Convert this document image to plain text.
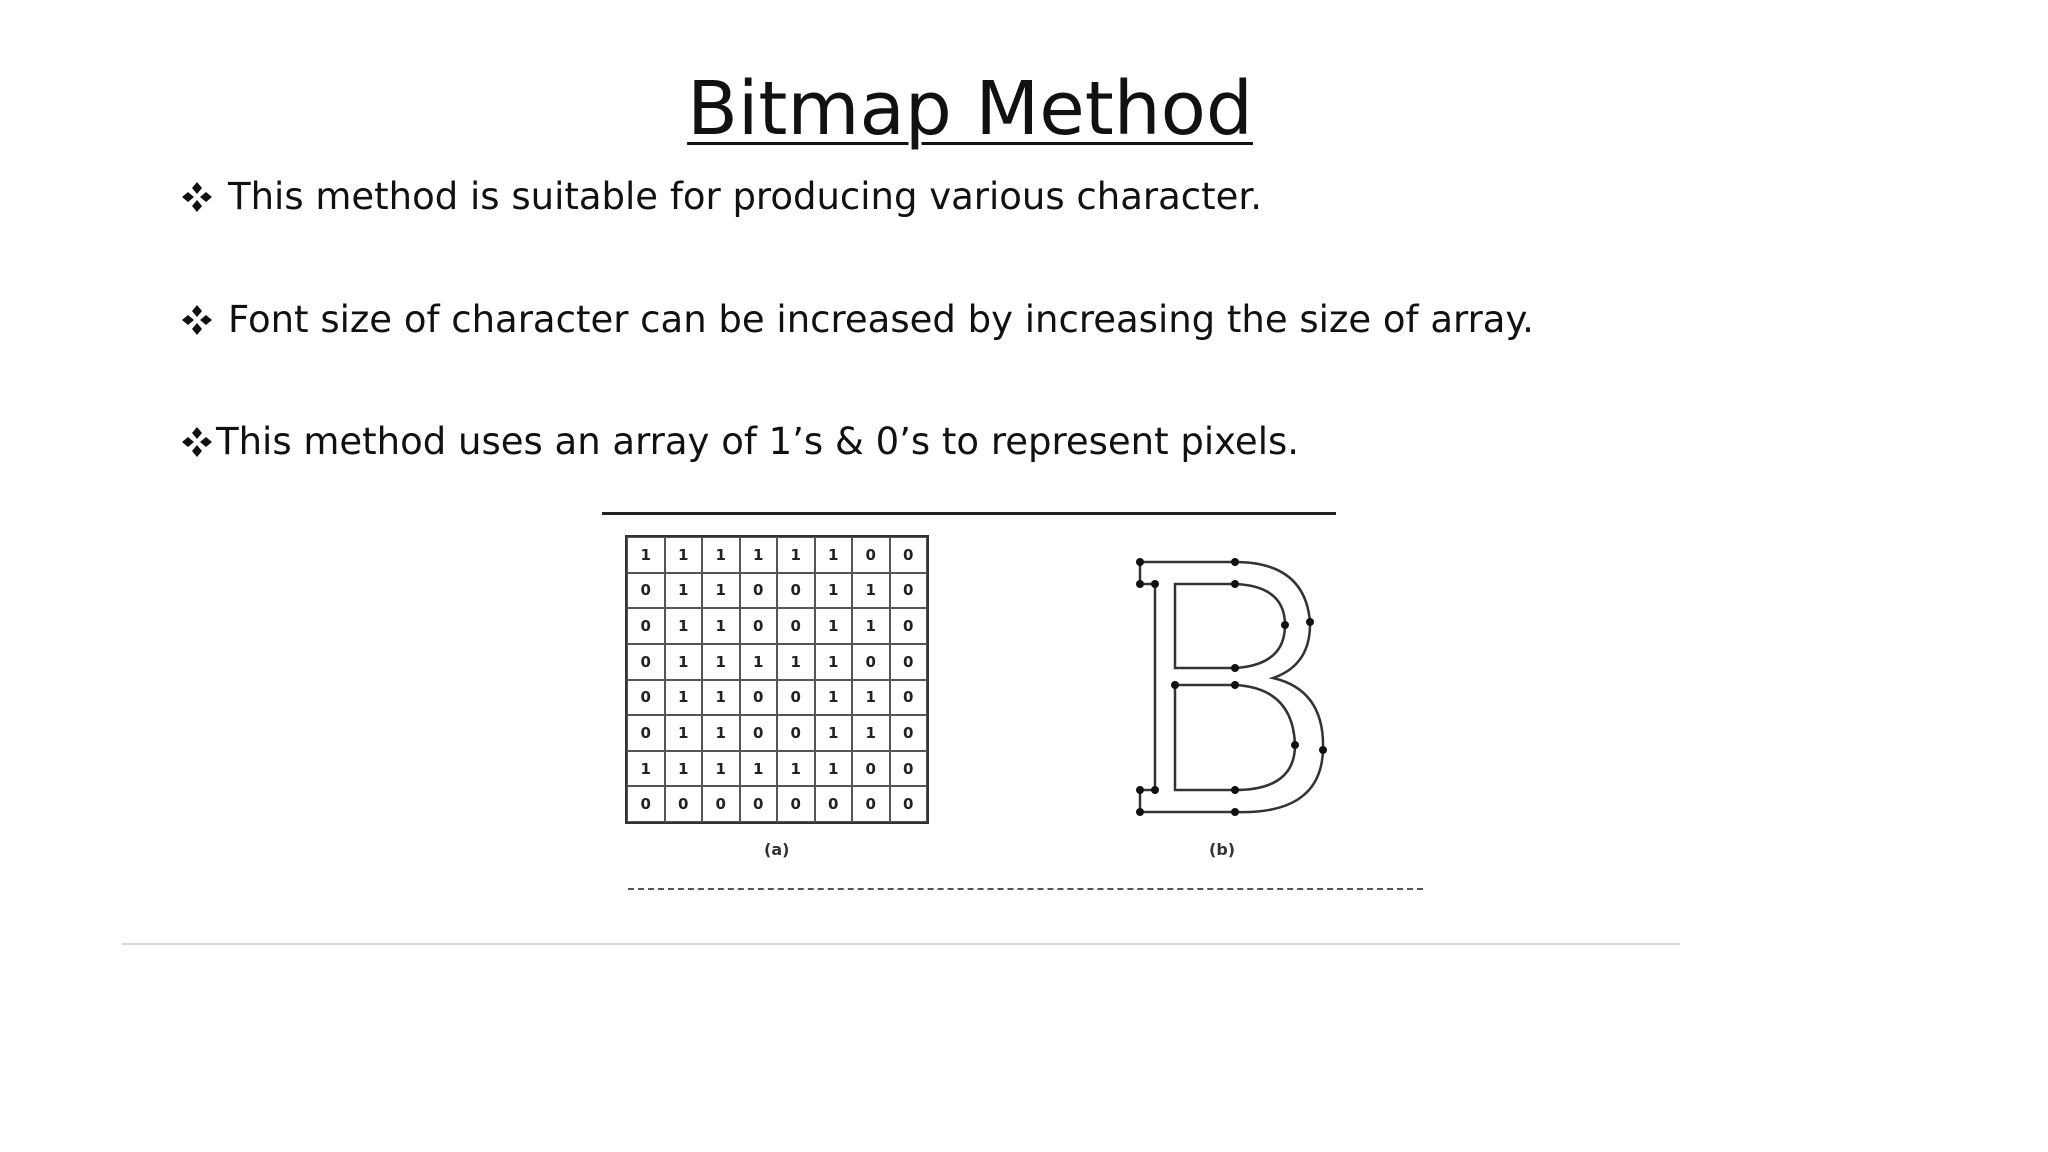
Bitmap Method
This method is suitable for producing various character.
Font size of character can be increased by increasing the size of array.
This method uses an array of 1’s & 0’s to represent pixels.
1	1	1	1	1	1	0	0
0	1	1	0	0	1	1	0
0	1	1	0	0	1	1	0
0	1	1	1	1	1	0	0
0	1	1	0	0	1	1	0
0	1	1	0	0	1	1	0
1	1	1	1	1	1	0	0
0	0	0	0	0	0	0	0
(a)	(b)
